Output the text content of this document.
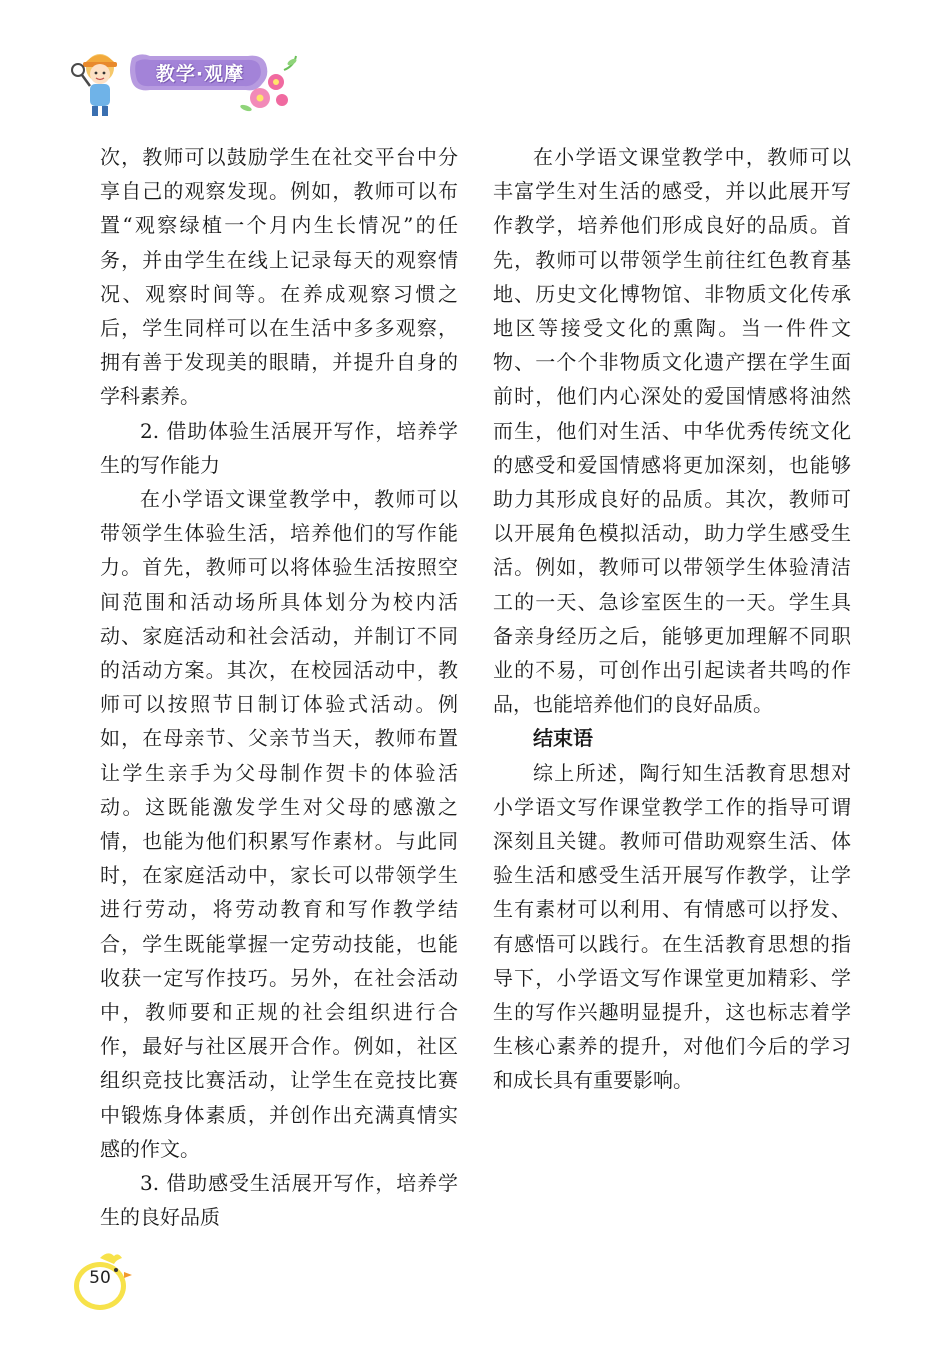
教学·观摩

次，教师可以鼓励学生在社交平台中分享自己的观察发现。例如，教师可以布置“观察绿植一个月内生长情况”的任务，并由学生在线上记录每天的观察情况、观察时间等。在养成观察习惯之后，学生同样可以在生活中多多观察，拥有善于发现美的眼睛，并提升自身的学科素养。

2. 借助体验生活展开写作，培养学生的写作能力

在小学语文课堂教学中，教师可以带领学生体验生活，培养他们的写作能力。首先，教师可以将体验生活按照空间范围和活动场所具体划分为校内活动、家庭活动和社会活动，并制订不同的活动方案。其次，在校园活动中，教师可以按照节日制订体验式活动。例如，在母亲节、父亲节当天，教师布置让学生亲手为父母制作贺卡的体验活动。这既能激发学生对父母的感激之情，也能为他们积累写作素材。与此同时，在家庭活动中，家长可以带领学生进行劳动，将劳动教育和写作教学结合，学生既能掌握一定劳动技能，也能收获一定写作技巧。另外，在社会活动中，教师要和正规的社会组织进行合作，最好与社区展开合作。例如，社区组织竞技比赛活动，让学生在竞技比赛中锻炼身体素质，并创作出充满真情实感的作文。

3. 借助感受生活展开写作，培养学生的良好品质

在小学语文课堂教学中，教师可以丰富学生对生活的感受，并以此展开写作教学，培养他们形成良好的品质。首先，教师可以带领学生前往红色教育基地、历史文化博物馆、非物质文化传承地区等接受文化的熏陶。当一件件文物、一个个非物质文化遗产摆在学生面前时，他们内心深处的爱国情感将油然而生，他们对生活、中华优秀传统文化的感受和爱国情感将更加深刻，也能够助力其形成良好的品质。其次，教师可以开展角色模拟活动，助力学生感受生活。例如，教师可以带领学生体验清洁工的一天、急诊室医生的一天。学生具备亲身经历之后，能够更加理解不同职业的不易，可创作出引起读者共鸣的作品，也能培养他们的良好品质。

结束语

综上所述，陶行知生活教育思想对小学语文写作课堂教学工作的指导可谓深刻且关键。教师可借助观察生活、体验生活和感受生活开展写作教学，让学生有素材可以利用、有情感可以抒发、有感悟可以践行。在生活教育思想的指导下，小学语文写作课堂更加精彩、学生的写作兴趣明显提升，这也标志着学生核心素养的提升，对他们今后的学习和成长具有重要影响。

50
